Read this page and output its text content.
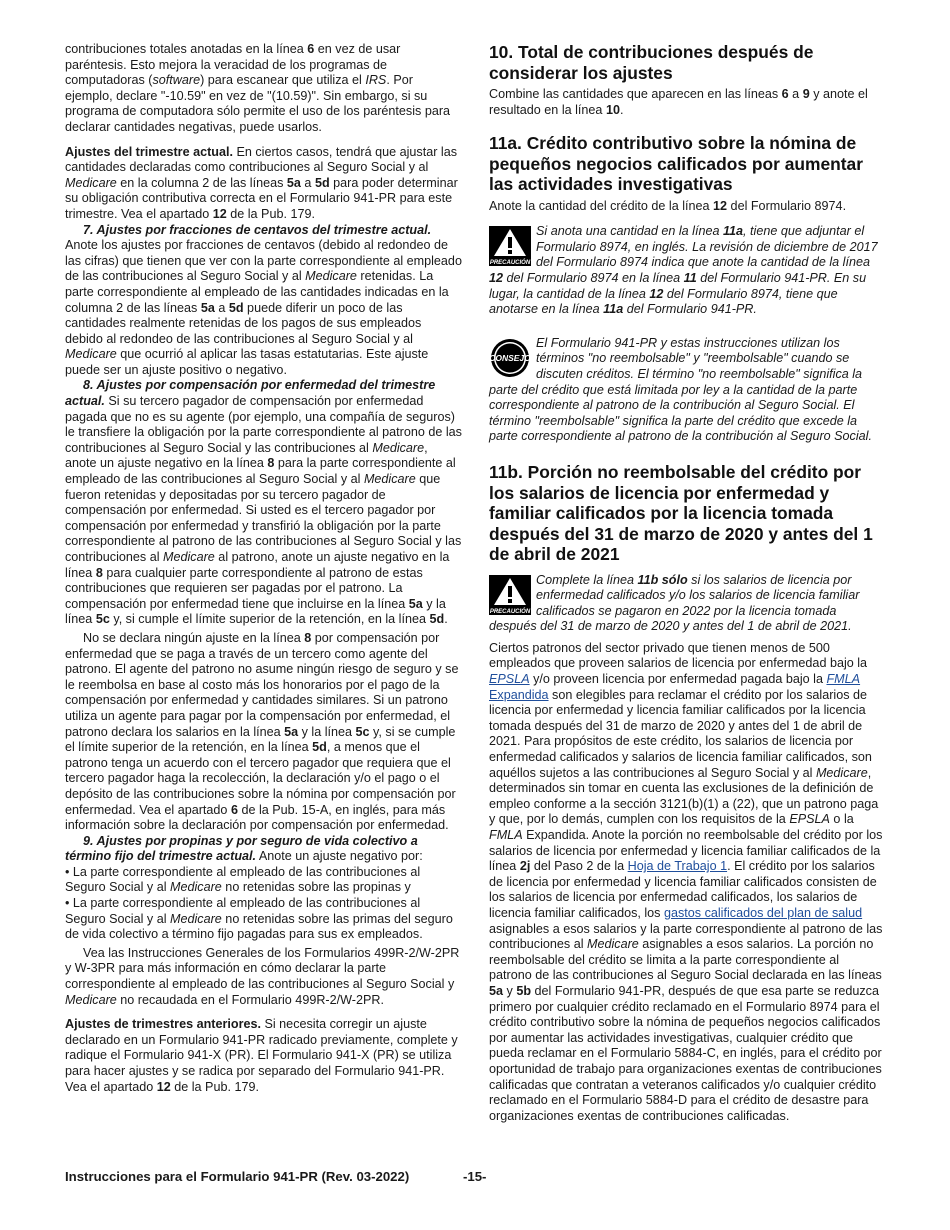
contribuciones totales anotadas en la línea 6 en vez de usar paréntesis. Esto mejora la veracidad de los programas de computadoras (software) para escanear que utiliza el IRS. Por ejemplo, declare "-10.59" en vez de "(10.59)". Sin embargo, si su programa de computadora sólo permite el uso de los paréntesis para declarar cantidades negativas, puede usarlos.

Ajustes del trimestre actual. En ciertos casos, tendrá que ajustar las cantidades declaradas como contribuciones al Seguro Social y al Medicare en la columna 2 de las líneas 5a a 5d para poder determinar su obligación contributiva correcta en el Formulario 941-PR para este trimestre. Vea el apartado 12 de la Pub. 179.

7. Ajustes por fracciones de centavos del trimestre actual. Anote los ajustes por fracciones de centavos (debido al redondeo de las cifras) que tienen que ver con la parte correspondiente al empleado de las contribuciones al Seguro Social y al Medicare retenidas. La parte correspondiente al empleado de las cantidades indicadas en la columna 2 de las líneas 5a a 5d puede diferir un poco de las cantidades realmente retenidas de los pagos de sus empleados debido al redondeo de las contribuciones al Seguro Social y al Medicare que ocurrió al aplicar las tasas estatutarias. Este ajuste puede ser un ajuste positivo o negativo.

8. Ajustes por compensación por enfermedad del trimestre actual. Si su tercero pagador de compensación por enfermedad pagada que no es su agente (por ejemplo, una compañía de seguros) le transfiere la obligación por la parte correspondiente al patrono de las contribuciones al Seguro Social y las contribuciones al Medicare, anote un ajuste negativo en la línea 8 para la parte correspondiente al empleado de las contribuciones al Seguro Social y al Medicare que fueron retenidas y depositadas por su tercero pagador de compensación por enfermedad. Si usted es el tercero pagador por compensación por enfermedad y transfirió la obligación por la parte correspondiente al patrono de las contribuciones al Seguro Social y las contribuciones al Medicare al patrono, anote un ajuste negativo en la línea 8 para cualquier parte correspondiente al patrono de estas contribuciones que requieren ser pagadas por el patrono. La compensación por enfermedad tiene que incluirse en la línea 5a y la línea 5c y, si cumple el límite superior de la retención, en la línea 5d.

No se declara ningún ajuste en la línea 8 por compensación por enfermedad que se paga a través de un tercero como agente del patrono. El agente del patrono no asume ningún riesgo de seguro y se le reembolsa en base al costo más los honorarios por el pago de la compensación por enfermedad y cantidades similares. Si un patrono utiliza un agente para pagar por la compensación por enfermedad, el patrono declara los salarios en la línea 5a y la línea 5c y, si se cumple el límite superior de la retención, en la línea 5d, a menos que el patrono tenga un acuerdo con el tercero pagador que requiera que el tercero pagador haga la recolección, la declaración y/o el pago o el depósito de las contribuciones sobre la nómina por compensación por enfermedad. Vea el apartado 6 de la Pub. 15-A, en inglés, para más información sobre la declaración por compensación por enfermedad.

9. Ajustes por propinas y por seguro de vida colectivo a término fijo del trimestre actual. Anote un ajuste negativo por:

• La parte correspondiente al empleado de las contribuciones al Seguro Social y al Medicare no retenidas sobre las propinas y

• La parte correspondiente al empleado de las contribuciones al Seguro Social y al Medicare no retenidas sobre las primas del seguro de vida colectivo a término fijo pagadas para sus ex empleados.

Vea las Instrucciones Generales de los Formularios 499R-2/W-2PR y W-3PR para más información en cómo declarar la parte correspondiente al empleado de las contribuciones al Seguro Social y Medicare no recaudada en el Formulario 499R-2/W-2PR.

Ajustes de trimestres anteriores. Si necesita corregir un ajuste declarado en un Formulario 941-PR radicado previamente, complete y radique el Formulario 941-X (PR). El Formulario 941-X (PR) se utiliza para hacer ajustes y se radica por separado del Formulario 941-PR. Vea el apartado 12 de la Pub. 179.

10. Total de contribuciones después de considerar los ajustes

Combine las cantidades que aparecen en las líneas 6 a 9 y anote el resultado en la línea 10.

11a. Crédito contributivo sobre la nómina de pequeños negocios calificados por aumentar las actividades investigativas

Anote la cantidad del crédito de la línea 12 del Formulario 8974.

PRECAUCIÓN
Si anota una cantidad en la línea 11a, tiene que adjuntar el Formulario 8974, en inglés. La revisión de diciembre de 2017 del Formulario 8974 indica que anote la cantidad de la línea 12 del Formulario 8974 en la línea 11 del Formulario 941-PR. En su lugar, la cantidad de la línea 12 del Formulario 8974, tiene que anotarse en la línea 11a del Formulario 941-PR.
CONSEJO
El Formulario 941-PR y estas instrucciones utilizan los términos "no reembolsable" y "reembolsable" cuando se discuten créditos. El término "no reembolsable" significa la parte del crédito que está limitada por ley a la cantidad de la parte correspondiente al patrono de la contribución al Seguro Social. El término "reembolsable" significa la parte del crédito que excede la parte correspondiente al patrono de la contribución al Seguro Social.
11b. Porción no reembolsable del crédito por los salarios de licencia por enfermedad y familiar calificados por la licencia tomada después del 31 de marzo de 2020 y antes del 1 de abril de 2021
PRECAUCIÓN
Complete la línea 11b sólo si los salarios de licencia por enfermedad calificados y/o los salarios de licencia familiar calificados se pagaron en 2022 por la licencia tomada después del 31 de marzo de 2020 y antes del 1 de abril de 2021.

Ciertos patronos del sector privado que tienen menos de 500 empleados que proveen salarios de licencia por enfermedad bajo la EPSLA y/o proveen licencia por enfermedad pagada bajo la FMLA Expandida son elegibles para reclamar el crédito por los salarios de licencia por enfermedad y licencia familiar calificados por la licencia tomada después del 31 de marzo de 2020 y antes del 1 de abril de 2021. Para propósitos de este crédito, los salarios de licencia por enfermedad calificados y salarios de licencia familiar calificados, son aquéllos sujetos a las contribuciones al Seguro Social y al Medicare, determinados sin tomar en cuenta las exclusiones de la definición de empleo conforme a la sección 3121(b)(1) a (22), que un patrono paga y que, por lo demás, cumplen con los requisitos de la EPSLA o la FMLA Expandida. Anote la porción no reembolsable del crédito por los salarios de licencia por enfermedad y licencia familiar calificados de la línea 2j del Paso 2 de la Hoja de Trabajo 1. El crédito por los salarios de licencia por enfermedad y licencia familiar calificados consisten de los salarios de licencia por enfermedad calificados, los salarios de licencia familiar calificados, los gastos calificados del plan de salud asignables a esos salarios y la parte correspondiente al patrono de las contribuciones al Medicare asignables a esos salarios. La porción no reembolsable del crédito se limita a la parte correspondiente al patrono de las contribuciones al Seguro Social declarada en las líneas 5a y 5b del Formulario 941-PR, después de que esa parte se reduzca primero por cualquier crédito reclamado en el Formulario 8974 para el crédito contributivo sobre la nómina de pequeños negocios calificados por aumentar las actividades investigativas, cualquier crédito que pueda reclamar en el Formulario 5884-C, en inglés, para el crédito por oportunidad de trabajo para organizaciones exentas de contribuciones calificadas que contratan a veteranos calificados y/o cualquier crédito reclamado en el Formulario 5884-D para el crédito de desastre para organizaciones exentas de contribuciones calificadas.

Instrucciones para el Formulario 941-PR (Rev. 03-2022)	-15-
